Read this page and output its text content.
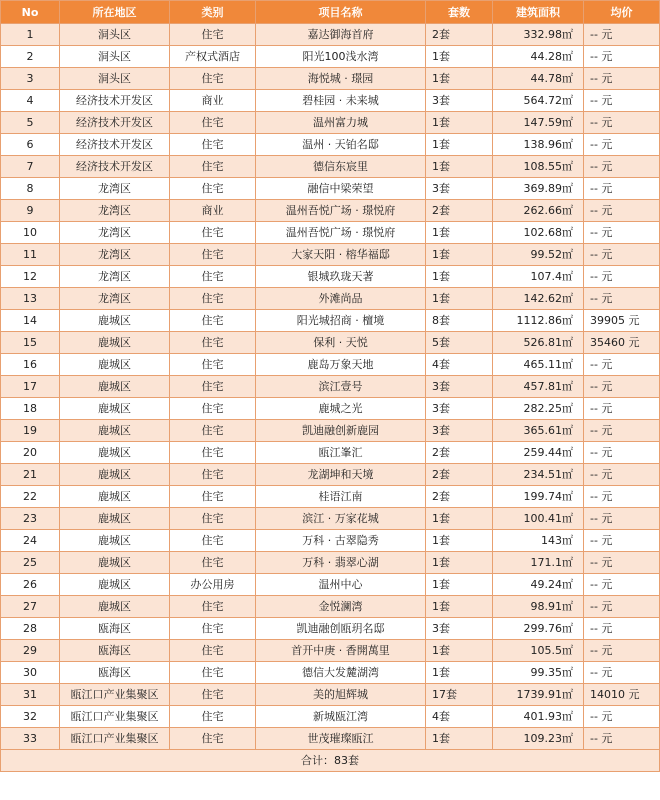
No	所在地区	类别	项目名称	套数	建筑面积	均价
1	洞头区	住宅	嘉达御海首府	2套	332.98㎡	-- 元
2	洞头区	产权式酒店	阳光100浅水湾	1套	44.28㎡	-- 元
3	洞头区	住宅	海悦城 · 璟园	1套	44.78㎡	-- 元
4	经济技术开发区	商业	碧桂园 · 未来城	3套	564.72㎡	-- 元
5	经济技术开发区	住宅	温州富力城	1套	147.59㎡	-- 元
6	经济技术开发区	住宅	温州 · 天铂名邸	1套	138.96㎡	-- 元
7	经济技术开发区	住宅	德信东宸里	1套	108.55㎡	-- 元
8	龙湾区	住宅	融信中梁荣望	3套	369.89㎡	-- 元
9	龙湾区	商业	温州吾悦广场 · 璟悦府	2套	262.66㎡	-- 元
10	龙湾区	住宅	温州吾悦广场 · 璟悦府	1套	102.68㎡	-- 元
11	龙湾区	住宅	大家天阳 · 榕华福邸	1套	99.52㎡	-- 元
12	龙湾区	住宅	银城玖珑天著	1套	107.4㎡	-- 元
13	龙湾区	住宅	外滩尚品	1套	142.62㎡	-- 元
14	鹿城区	住宅	阳光城招商 · 檀境	8套	1112.86㎡	39905 元
15	鹿城区	住宅	保利 · 天悦	5套	526.81㎡	35460 元
16	鹿城区	住宅	鹿岛万象天地	4套	465.11㎡	-- 元
17	鹿城区	住宅	滨江壹号	3套	457.81㎡	-- 元
18	鹿城区	住宅	鹿城之光	3套	282.25㎡	-- 元
19	鹿城区	住宅	凯迪融创新鹿园	3套	365.61㎡	-- 元
20	鹿城区	住宅	瓯江峯汇	2套	259.44㎡	-- 元
21	鹿城区	住宅	龙湖坤和天境	2套	234.51㎡	-- 元
22	鹿城区	住宅	桂语江南	2套	199.74㎡	-- 元
23	鹿城区	住宅	滨江 · 万家花城	1套	100.41㎡	-- 元
24	鹿城区	住宅	万科 · 古翠隐秀	1套	143㎡	-- 元
25	鹿城区	住宅	万科 · 翡翠心湖	1套	171.1㎡	-- 元
26	鹿城区	办公用房	温州中心	1套	49.24㎡	-- 元
27	鹿城区	住宅	金悦澜湾	1套	98.91㎡	-- 元
28	瓯海区	住宅	凯迪融创瓯玥名邸	3套	299.76㎡	-- 元
29	瓯海区	住宅	首开中庚 · 香開萬里	1套	105.5㎡	-- 元
30	瓯海区	住宅	德信大发麓湖湾	1套	99.35㎡	-- 元
31	瓯江口产业集聚区	住宅	美的旭辉城	17套	1739.91㎡	14010 元
32	瓯江口产业集聚区	住宅	新城瓯江湾	4套	401.93㎡	-- 元
33	瓯江口产业集聚区	住宅	世茂璀璨瓯江	1套	109.23㎡	-- 元
合计：83套						
